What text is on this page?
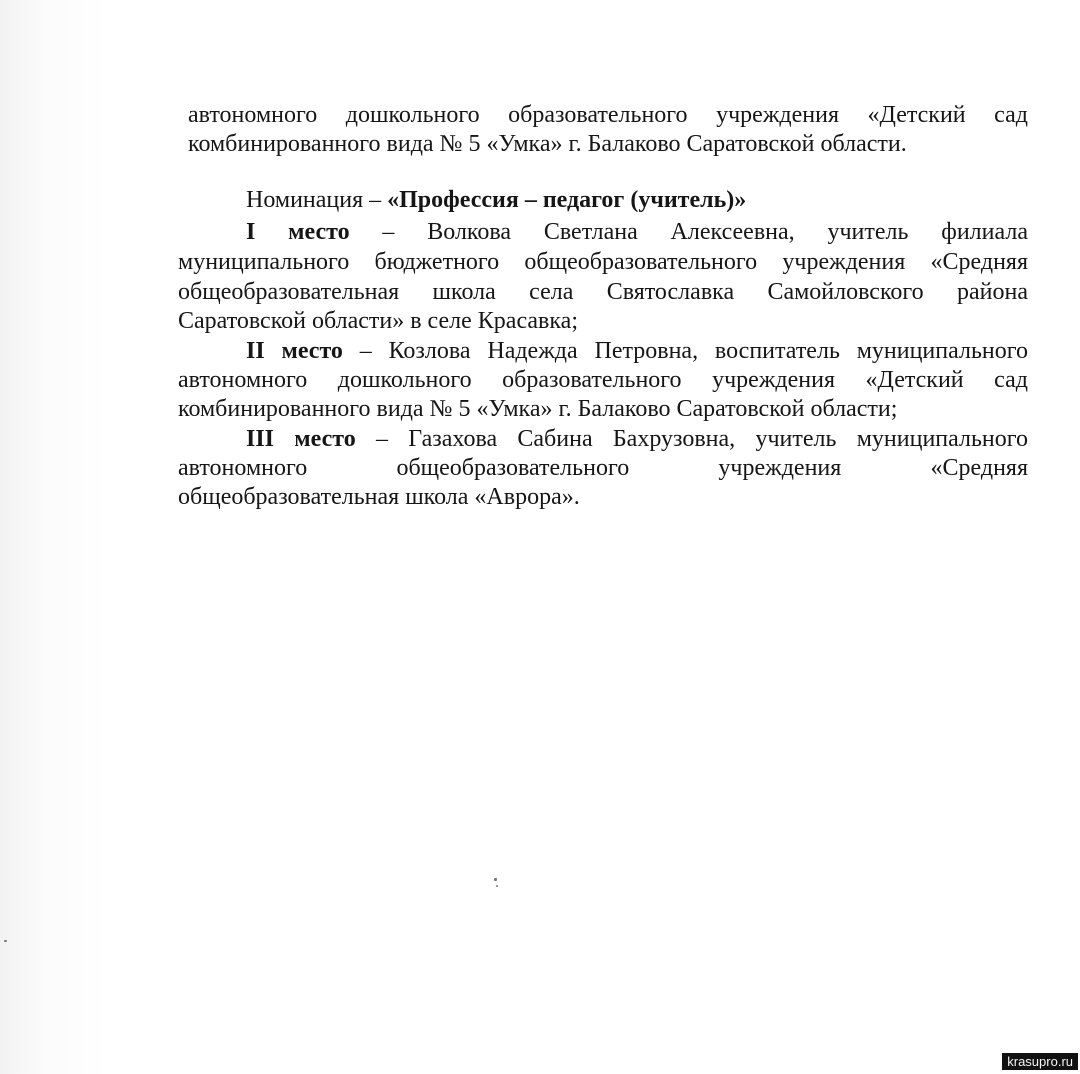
автономного дошкольного образовательного учреждения «Детский сад
комбинированного вида № 5 «Умка» г. Балаково Саратовской области.
Номинация – «Профессия – педагог (учитель)»
I место – Волкова Светлана Алексеевна, учитель филиала
муниципального бюджетного общеобразовательного учреждения «Средняя
общеобразовательная школа села Святославка Самойловского района
Саратовской области» в селе Красавка;
II место – Козлова Надежда Петровна, воспитатель муниципального
автономного дошкольного образовательного учреждения «Детский сад
комбинированного вида № 5 «Умка» г. Балаково Саратовской области;
III место – Газахова Сабина Бахрузовна, учитель муниципального
автономного общеобразовательного учреждения «Средняя
общеобразовательная школа «Аврора».
krasupro.ru
